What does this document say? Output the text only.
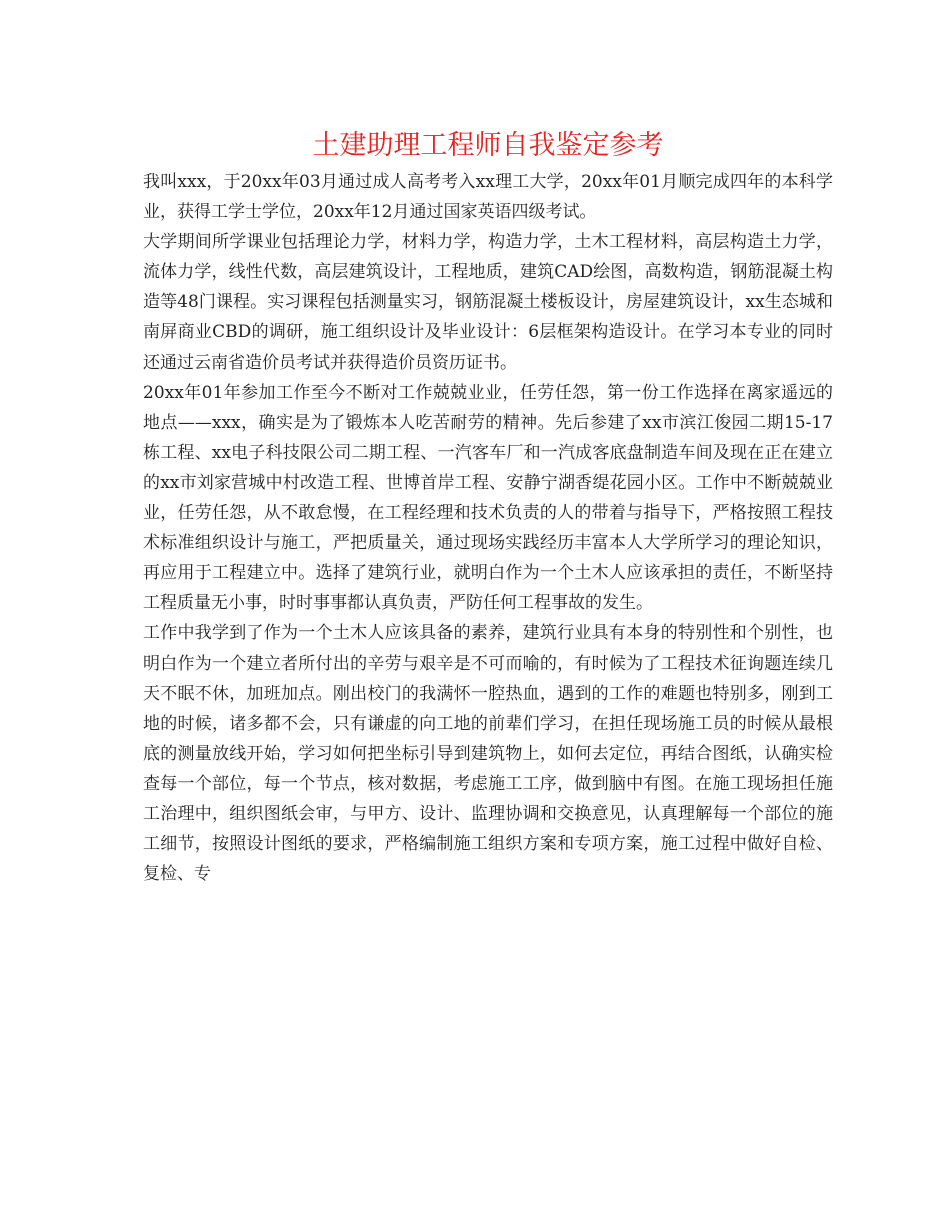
土建助理工程师自我鉴定参考

我叫xxx，于20xx年03月通过成人高考考入xx理工大学，20xx年01月顺完成四年的本科学业，获得工学士学位，20xx年12月通过国家英语四级考试。

大学期间所学课业包括理论力学，材料力学，构造力学，土木工程材料，高层构造土力学，流体力学，线性代数，高层建筑设计，工程地质，建筑CAD绘图，高数构造，钢筋混凝土构造等48门课程。实习课程包括测量实习，钢筋混凝土楼板设计，房屋建筑设计，xx生态城和南屏商业CBD的调研，施工组织设计及毕业设计：6层框架构造设计。在学习本专业的同时还通过云南省造价员考试并获得造价员资历证书。

20xx年01年参加工作至今不断对工作兢兢业业，任劳任怨，第一份工作选择在离家遥远的地点——xxx，确实是为了锻炼本人吃苦耐劳的精神。先后参建了xx市滨江俊园二期15-17栋工程、xx电子科技限公司二期工程、一汽客车厂和一汽成客底盘制造车间及现在正在建立的xx市刘家营城中村改造工程、世博首岸工程、安静宁湖香缇花园小区。工作中不断兢兢业业，任劳任怨，从不敢怠慢，在工程经理和技术负责的人的带着与指导下，严格按照工程技术标准组织设计与施工，严把质量关，通过现场实践经历丰富本人大学所学习的理论知识，再应用于工程建立中。选择了建筑行业，就明白作为一个土木人应该承担的责任，不断坚持工程质量无小事，时时事事都认真负责，严防任何工程事故的发生。

工作中我学到了作为一个土木人应该具备的素养，建筑行业具有本身的特别性和个别性，也明白作为一个建立者所付出的辛劳与艰辛是不可而喻的，有时候为了工程技术征询题连续几天不眠不休，加班加点。刚出校门的我满怀一腔热血，遇到的工作的难题也特别多，刚到工地的时候，诸多都不会，只有谦虚的向工地的前辈们学习，在担任现场施工员的时候从最根底的测量放线开始，学习如何把坐标引导到建筑物上，如何去定位，再结合图纸，认确实检查每一个部位，每一个节点，核对数据，考虑施工工序，做到脑中有图。在施工现场担任施工治理中，组织图纸会审，与甲方、设计、监理协调和交换意见，认真理解每一个部位的施工细节，按照设计图纸的要求，严格编制施工组织方案和专项方案，施工过程中做好自检、复检、专
